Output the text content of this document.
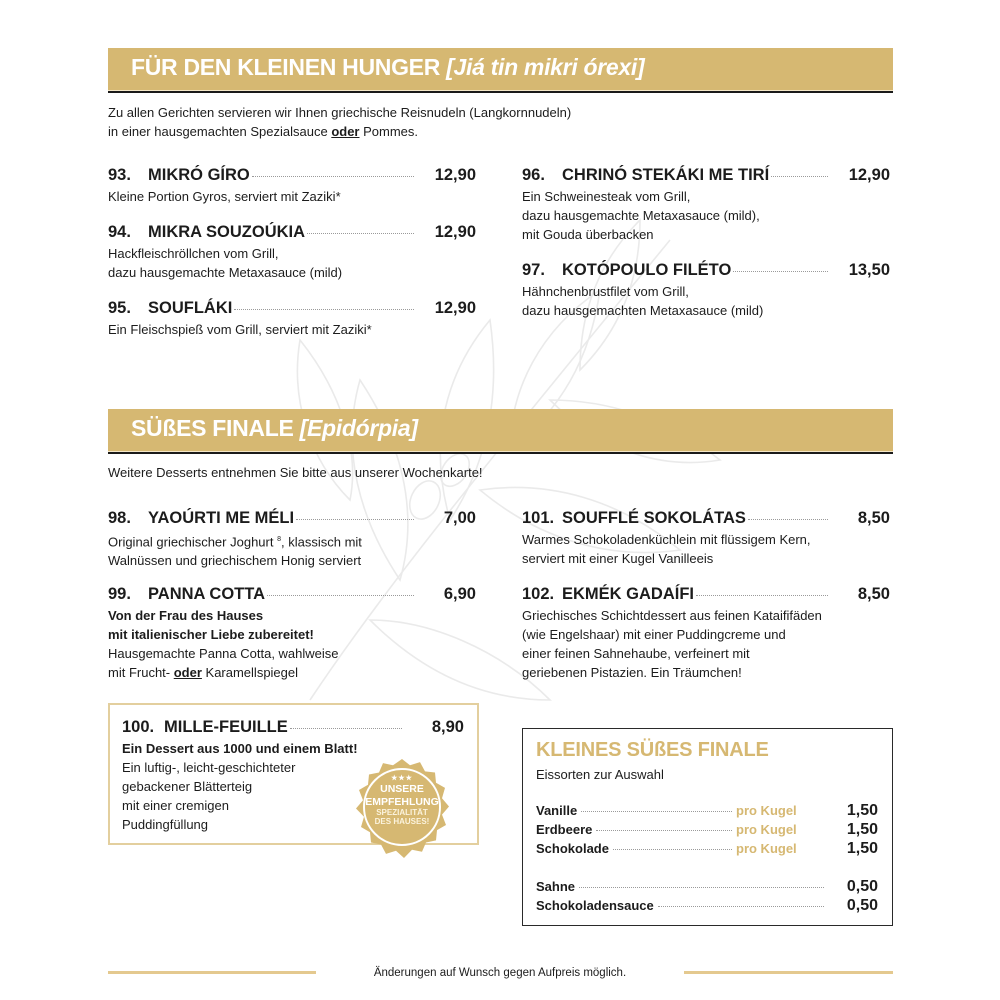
FÜR DEN KLEINEN HUNGER [Jiá tin mikri órexi]
Zu allen Gerichten servieren wir Ihnen griechische Reisnudeln (Langkornnudeln)
in einer hausgemachten Spezialsauce oder Pommes.
93.	MIKRÓ GÍRO	12,90
Kleine Portion Gyros, serviert mit Zaziki*
94.	MIKRA SOUZOÚKIA	12,90
Hackfleischröllchen vom Grill,
dazu hausgemachte Metaxasauce (mild)
95.	SOUFLÁKI	12,90
Ein Fleischspieß vom Grill, serviert mit Zaziki*
96.	CHRINÓ STEKÁKI ME TIRÍ	12,90
Ein Schweinesteak vom Grill,
dazu hausgemachte Metaxasauce (mild),
mit Gouda überbacken
97.	KOTÓPOULO FILÉTO	13,50
Hähnchenbrustfilet vom Grill,
dazu hausgemachten Metaxasauce (mild)
SÜßES FINALE [Epidórpia]
Weitere Desserts entnehmen Sie bitte aus unserer Wochenkarte!
98.	YAOÚRTI ME MÉLI	7,00
Original griechischer Joghurt $^8$, klassisch mit
Walnüssen und griechischem Honig serviert
99.	PANNA COTTA	6,90
Von der Frau des Hauses
mit italienischer Liebe zubereitet!
Hausgemachte Panna Cotta, wahlweise
mit Frucht- oder Karamellspiegel
100. MILLE-FEUILLE	8,90
Ein Dessert aus 1000 und einem Blatt!
Ein luftig-, leicht-geschichteter
gebackener Blätterteig
mit einer cremigen
Puddingfüllung
★★★
UNSERE
EMPFEHLUNG
SPEZIALITÄT
DES HAUSES!
101. SOUFFLÉ SOKOLÁTAS	8,50
Warmes Schokoladenküchlein mit flüssigem Kern,
serviert mit einer Kugel Vanilleeis
102. EKMÉK GADAÍFI	8,50
Griechisches Schichtdessert aus feinen Kataififäden
(wie Engelshaar) mit einer Puddingcreme und
einer feinen Sahnehaube, verfeinert mit
geriebenen Pistazien. Ein Träumchen!
KLEINES SÜßES FINALE
Eissorten zur Auswahl
Vanille	pro Kugel	1,50
Erdbeere	pro Kugel	1,50
Schokolade	pro Kugel	1,50
Sahne	0,50
Schokoladensauce	0,50
Änderungen auf Wunsch gegen Aufpreis möglich.
